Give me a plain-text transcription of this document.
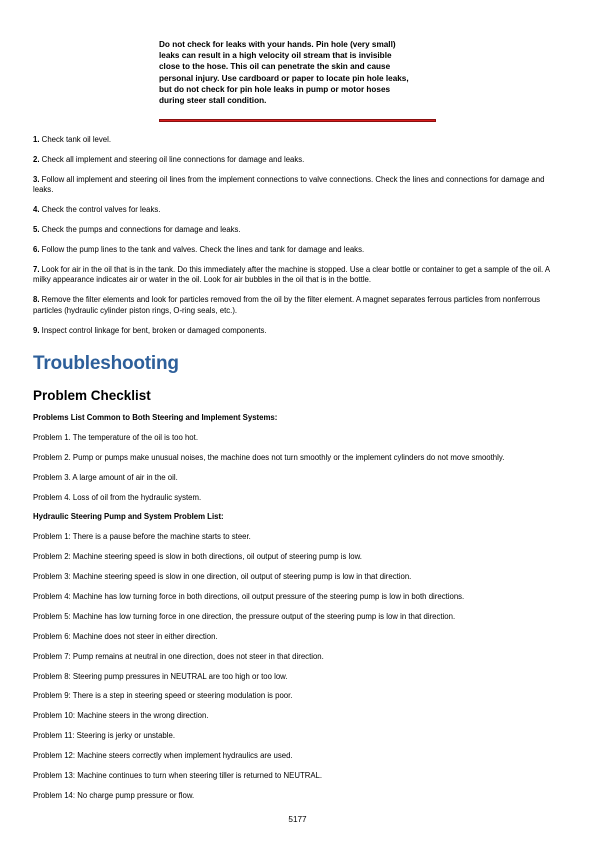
Do not check for leaks with your hands. Pin hole (very small)
leaks can result in a high velocity oil stream that is invisible
close to the hose. This oil can penetrate the skin and cause
personal injury. Use cardboard or paper to locate pin hole leaks,
but do not check for pin hole leaks in pump or motor hoses
during steer stall condition.
1. Check tank oil level.
2. Check all implement and steering oil line connections for damage and leaks.
3. Follow all implement and steering oil lines from the implement connections to valve connections. Check the lines and connections for damage and leaks.
4. Check the control valves for leaks.
5. Check the pumps and connections for damage and leaks.
6. Follow the pump lines to the tank and valves. Check the lines and tank for damage and leaks.
7. Look for air in the oil that is in the tank. Do this immediately after the machine is stopped. Use a clear bottle or container to get a sample of the oil. A milky appearance indicates air or water in the oil. Look for air bubbles in the oil that is in the bottle.
8. Remove the filter elements and look for particles removed from the oil by the filter element. A magnet separates ferrous particles from nonferrous particles (hydraulic cylinder piston rings, O-ring seals, etc.).
9. Inspect control linkage for bent, broken or damaged components.
Troubleshooting
Problem Checklist
Problems List Common to Both Steering and Implement Systems:
Problem 1. The temperature of the oil is too hot.
Problem 2. Pump or pumps make unusual noises, the machine does not turn smoothly or the implement cylinders do not move smoothly.
Problem 3. A large amount of air in the oil.
Problem 4. Loss of oil from the hydraulic system.
Hydraulic Steering Pump and System Problem List:
Problem 1: There is a pause before the machine starts to steer.
Problem 2: Machine steering speed is slow in both directions, oil output of steering pump is low.
Problem 3: Machine steering speed is slow in one direction, oil output of steering pump is low in that direction.
Problem 4: Machine has low turning force in both directions, oil output pressure of the steering pump is low in both directions.
Problem 5: Machine has low turning force in one direction, the pressure output of the steering pump is low in that direction.
Problem 6: Machine does not steer in either direction.
Problem 7: Pump remains at neutral in one direction, does not steer in that direction.
Problem 8: Steering pump pressures in NEUTRAL are too high or too low.
Problem 9: There is a step in steering speed or steering modulation is poor.
Problem 10: Machine steers in the wrong direction.
Problem 11: Steering is jerky or unstable.
Problem 12: Machine steers correctly when implement hydraulics are used.
Problem 13: Machine continues to turn when steering tiller is returned to NEUTRAL.
Problem 14: No charge pump pressure or flow.
5177
